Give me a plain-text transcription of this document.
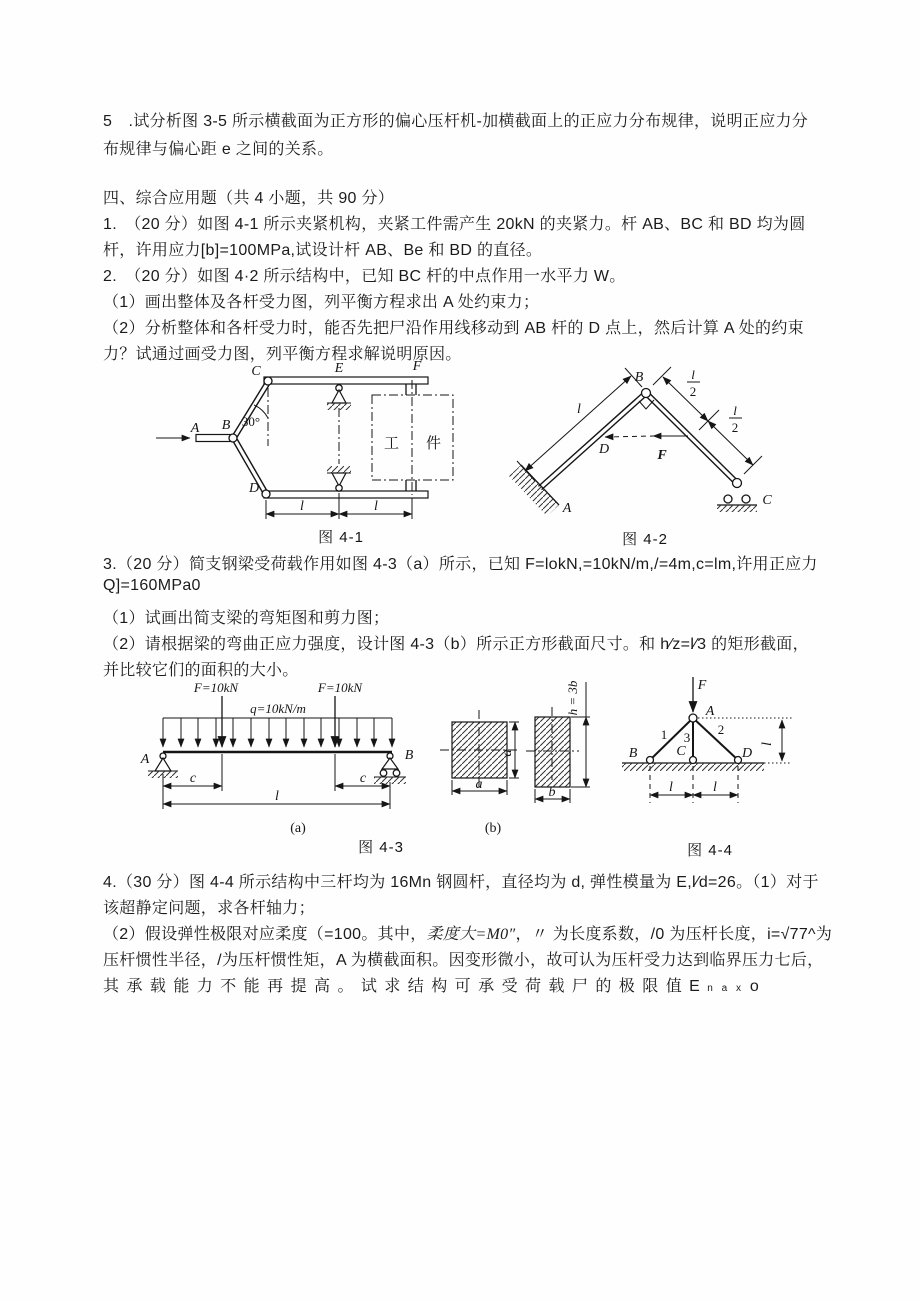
5　.试分析图 3-5 所示横截面为正方形的偏心压杆机-加横截面上的正应力分布规律，说明正应力分
布规律与偏心距 e 之间的关系。
四、综合应用题（共 4 小题，共 90 分）
1.　（20 分）如图 4-1 所示夹紧机构，夹紧工件需产生 20kN 的夹紧力。杆 AB、BC 和 BD 均为圆
杆，许用应力[b]=100MPa,试设计杆 AB、Be 和 BD 的直径。
2.　（20 分）如图 4·2 所示结构中，已知 BC 杆的中点作用一水平力 W。
（1）画出整体及各杆受力图，列平衡方程求出 A 处约束力；
（2）分析整体和各杆受力时，能否先把尸沿作用线移动到 AB 杆的 D 点上，然后计算 A 处的约束
力？试通过画受力图，列平衡方程求解说明原因。
3.（20 分）简支钢梁受荷载作用如图 4-3（a）所示，已知 F=lokN,=10kN/m,/=4m,c=lm,许用正应力
Q]=160MPa0
（1）试画出简支梁的弯矩图和剪力图；
（2）请根据梁的弯曲正应力强度，设计图 4-3（b）所示正方形截面尺寸。和 h∕z=l∕3 的矩形截面，
并比较它们的面积的大小。
4.（30 分）图 4-4 所示结构中三杆均为 16Mn 钢圆杆，直径均为 d, 弹性模量为 E,l∕d=26。（1）对于
该超静定问题，求各杆轴力；
（2）假设弹性极限对应柔度（=100。其中，柔度大=M0″，〃 为长度系数，/0 为压杆长度，i=√77^为
压杆惯性半径，/为压杆惯性矩，A 为横截面积。因变形微小，故可认为压杆受力达到临界压力七后，
其 承 载 能 力 不 能 再 提 高 。 试 求 结 构 可 承 受 荷 载 尸 的 极 限 值 E n a x o
A B
C
D
E	F
30°
l	l
工 件
图 4-1
B
A
C
D	F
l
l
2
l
2
图 4-2
F=10kN	F=10kN
q=10kN/m
A	B
c	c
l
(a)
图 4-3
a
a
h = 3b
b
(b)
F
A
B	C	D
1	2
3
l	l
l
图 4-4
